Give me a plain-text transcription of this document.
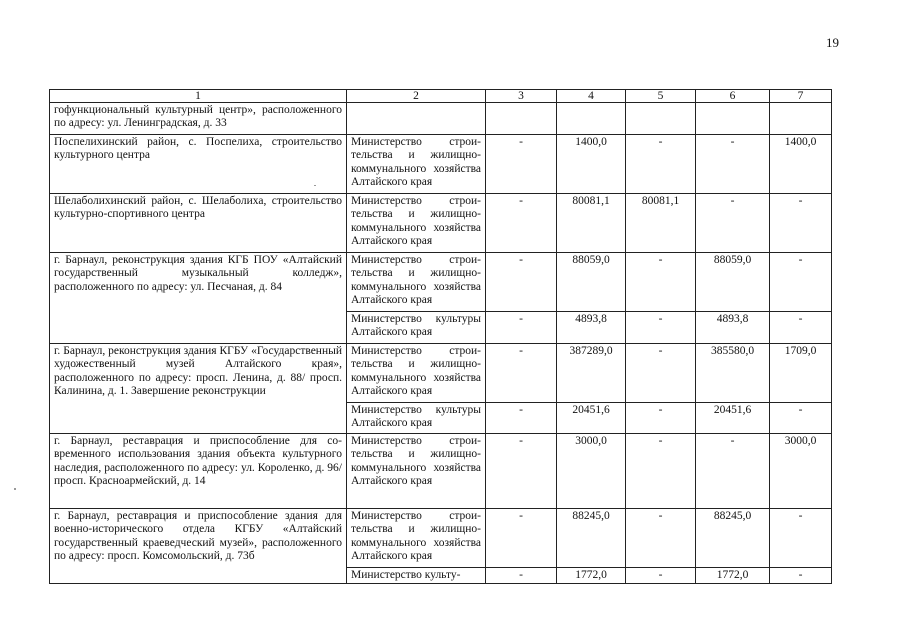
19
1	2	3	4	5	6	7
гофункциональный культурный центр», расположенного по адресу: ул. Ленинградская, д. 33						
Поспелихинский район, с. Поспелиха, строительство культурного центра	Министерство строительства и жилищно-коммунального хозяйства Алтайского края	-	1400,0	-	-	1400,0
Шелаболихинский район, с. Шелаболиха, строительство культурно-спортивного центра	Министерство строительства и жилищно-коммунального хозяйства Алтайского края	-	80081,1	80081,1	-	-
г. Барнаул, реконструкция здания КГБ ПОУ «Алтайский государственный музыкальный колледж», расположенного по адресу: ул. Песчаная, д. 84	Министерство строительства и жилищно-коммунального хозяйства Алтайского края	-	88059,0	-	88059,0	-
	Министерство культуры Алтайского края	-	4893,8	-	4893,8	-
г. Барнаул, реконструкция здания КГБУ «Государственный художественный музей Алтайского края», расположенного по адресу: просп. Ленина, д. 88/ просп. Калинина, д. 1. Завершение реконструкции	Министерство строительства и жилищно-коммунального хозяйства Алтайского края	-	387289,0	-	385580,0	1709,0
	Министерство культуры Алтайского края	-	20451,6	-	20451,6	-
г. Барнаул, реставрация и приспособление для современного использования здания объекта культурного наследия, расположенного по адресу: ул. Короленко, д. 96/просп. Красноармейский, д. 14	Министерство строительства и жилищно-коммунального хозяйства Алтайского края	-	3000,0	-	-	3000,0
г. Барнаул, реставрация и приспособление здания для военно-исторического отдела КГБУ «Алтайский государственный краеведческий музей», расположенного по адресу: просп. Комсомольский, д. 73б	Министерство строительства и жилищно-коммунального хозяйства Алтайского края	-	88245,0	-	88245,0	-
	Министерство культу-	-	1772,0	-	1772,0	-
